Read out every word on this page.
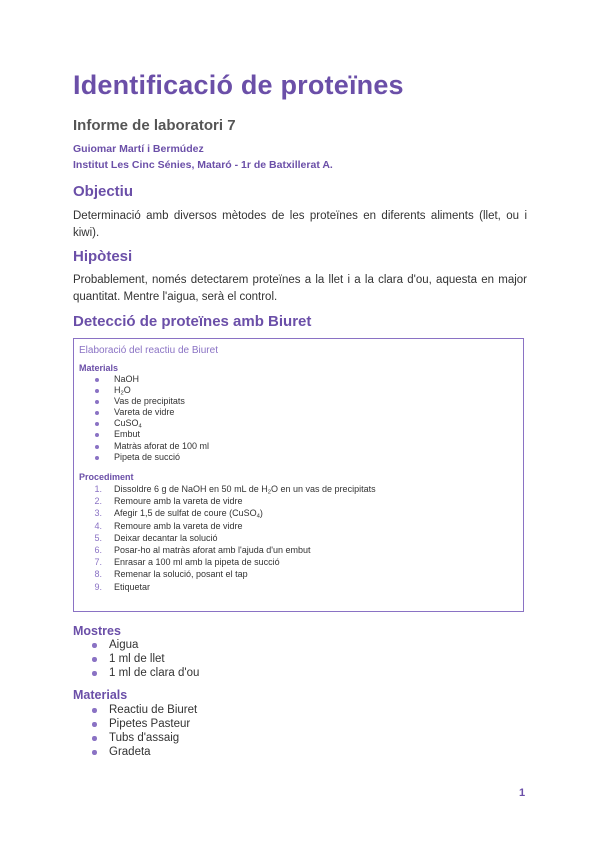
Identificació de proteïnes
Informe de laboratori 7

Guiomar Martí i Bermúdez

Institut Les Cinc Sénies, Mataró - 1r de Batxillerat A.

Objectiu

Determinació amb diversos mètodes de les proteïnes en diferents aliments (llet, ou i kiwi).

Hipòtesi

Probablement, només detectarem proteïnes a la llet i a la clara d'ou, aquesta en major quantitat. Mentre l'aigua, serà el control.

Detecció de proteïnes amb Biuret
Elaboració del reactiu de Biuret
Materials
NaOH
$H_2O$
Vas de precipitats
Vareta de vidre
CuSO$_4$
Embut
Matràs aforat de 100 ml
Pipeta de succió
Procediment
1. Dissoldre 6 g de NaOH en 50 mL de $H_2O$ en un vas de precipitats
2. Remoure amb la vareta de vidre
3. Afegir 1,5 de sulfat de coure (CuSO$_4$)
4. Remoure amb la vareta de vidre
5. Deixar decantar la solució
6. Posar-ho al matràs aforat amb l'ajuda d'un embut
7. Enrasar a 100 ml amb la pipeta de succió
8. Remenar la solució, posant el tap
9. Etiquetar
Mostres
Aigua
1 ml de llet
1 ml de clara d'ou
Materials
Reactiu de Biuret
Pipetes Pasteur
Tubs d'assaig
Gradeta
1
